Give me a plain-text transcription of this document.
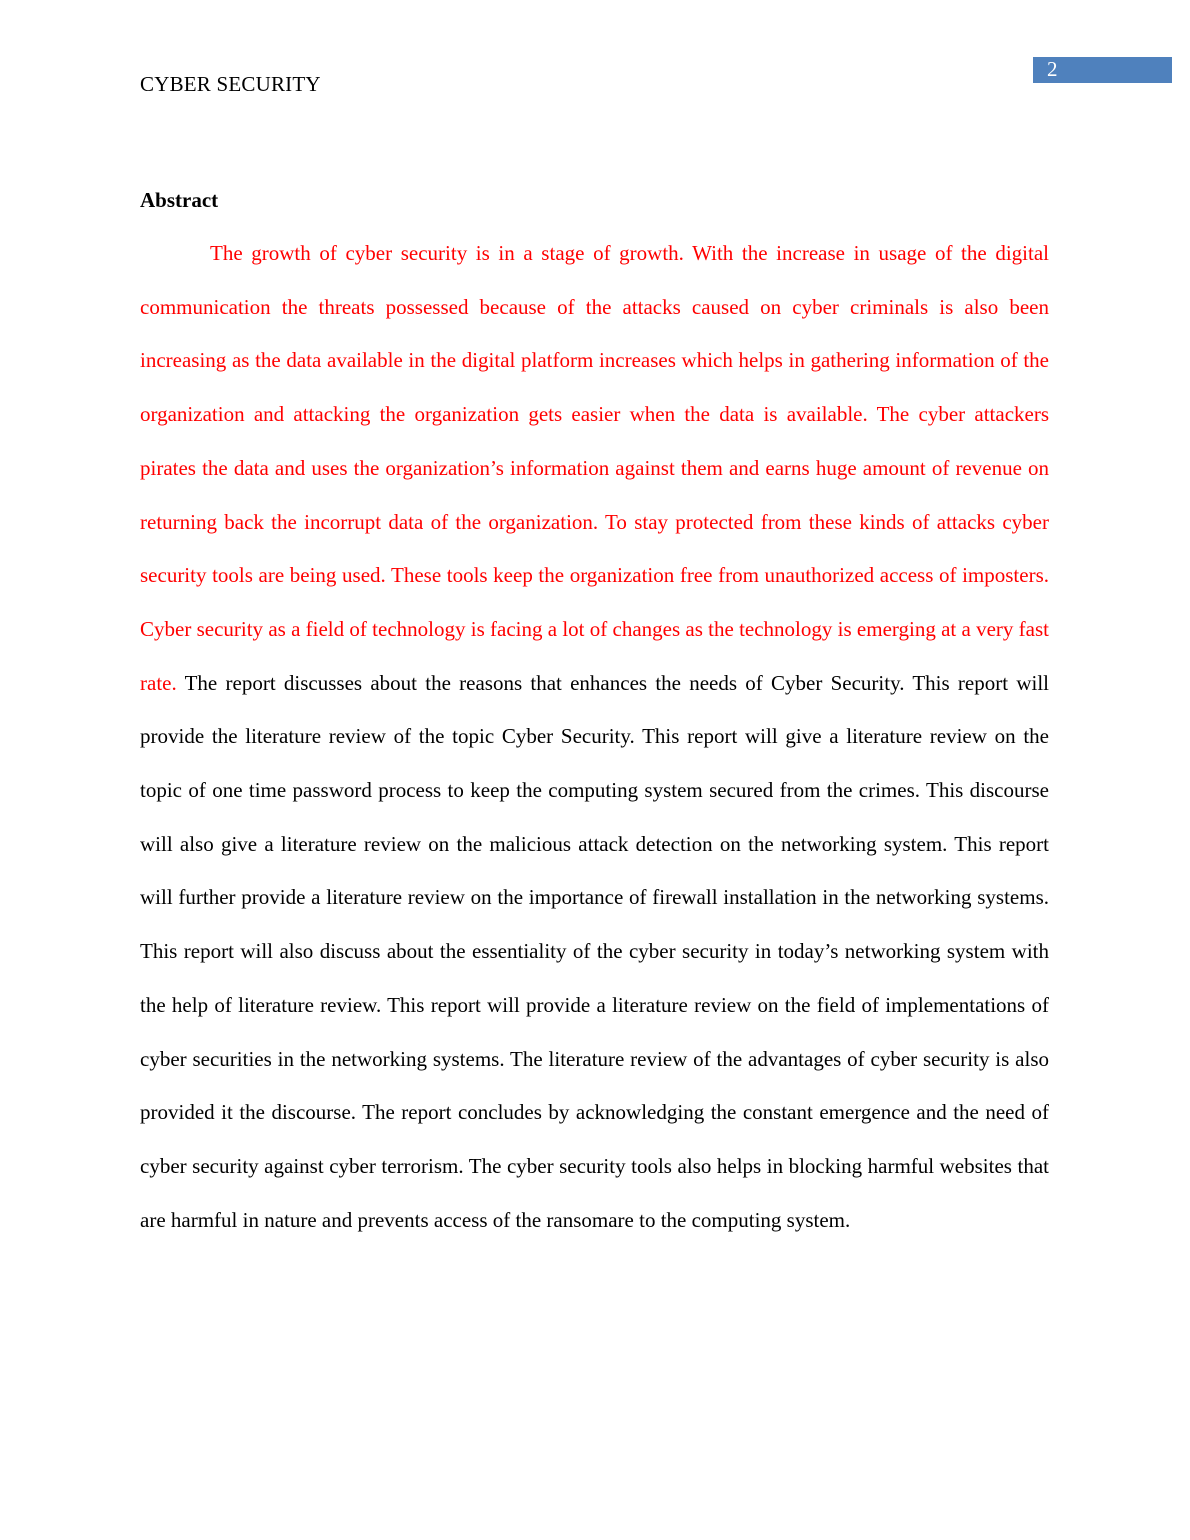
CYBER SECURITY
2
Abstract

The growth of cyber security is in a stage of growth. With the increase in usage of the digital communication the threats possessed because of the attacks caused on cyber criminals is also been increasing as the data available in the digital platform increases which helps in gathering information of the organization and attacking the organization gets easier when the data is available. The cyber attackers pirates the data and uses the organization’s information against them and earns huge amount of revenue on returning back the incorrupt data of the organization. To stay protected from these kinds of attacks cyber security tools are being used. These tools keep the organization free from unauthorized access of imposters. Cyber security as a field of technology is facing a lot of changes as the technology is emerging at a very fast rate. The report discusses about the reasons that enhances the needs of Cyber Security. This report will provide the literature review of the topic Cyber Security. This report will give a literature review on the topic of one time password process to keep the computing system secured from the crimes. This discourse will also give a literature review on the malicious attack detection on the networking system. This report will further provide a literature review on the importance of firewall installation in the networking systems. This report will also discuss about the essentiality of the cyber security in today’s networking system with the help of literature review. This report will provide a literature review on the field of implementations of cyber securities in the networking systems. The literature review of the advantages of cyber security is also provided it the discourse. The report concludes by acknowledging the constant emergence and the need of cyber security against cyber terrorism. The cyber security tools also helps in blocking harmful websites that are harmful in nature and prevents access of the ransomare to the computing system.
